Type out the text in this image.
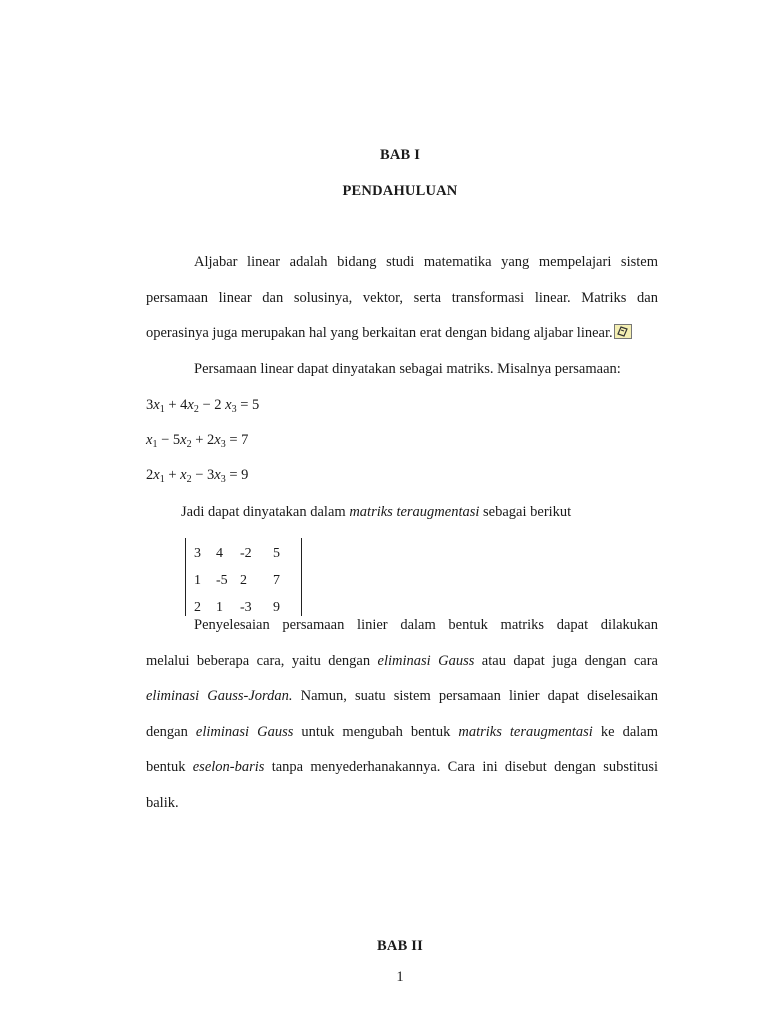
BAB I
PENDAHULUAN
Aljabar linear adalah bidang studi matematika yang mempelajari sistem
persamaan linear dan solusinya, vektor, serta transformasi linear. Matriks dan
operasinya juga merupakan hal yang berkaitan erat dengan bidang aljabar linear.
Persamaan linear dapat dinyatakan sebagai matriks. Misalnya persamaan:
$3x_1 + 4x_2 - 2$ $x_3 = 5$
$x_1 - 5x_2 + 2x_3 = 7$
$2x_1 + x_2 - 3x_3 = 9$
Jadi dapat dinyatakan dalam matriks teraugmentasi sebagai berikut
3	4	-2	5
1	-5	2	7
2	1	-3	9
Penyelesaian persamaan linier dalam bentuk matriks dapat dilakukan
melalui beberapa cara, yaitu dengan eliminasi Gauss atau dapat juga dengan cara
eliminasi Gauss-Jordan. Namun, suatu sistem persamaan linier dapat diselesaikan
dengan eliminasi Gauss untuk mengubah bentuk matriks teraugmentasi ke dalam
bentuk eselon-baris tanpa menyederhanakannya. Cara ini disebut dengan substitusi
balik.
BAB II
1
